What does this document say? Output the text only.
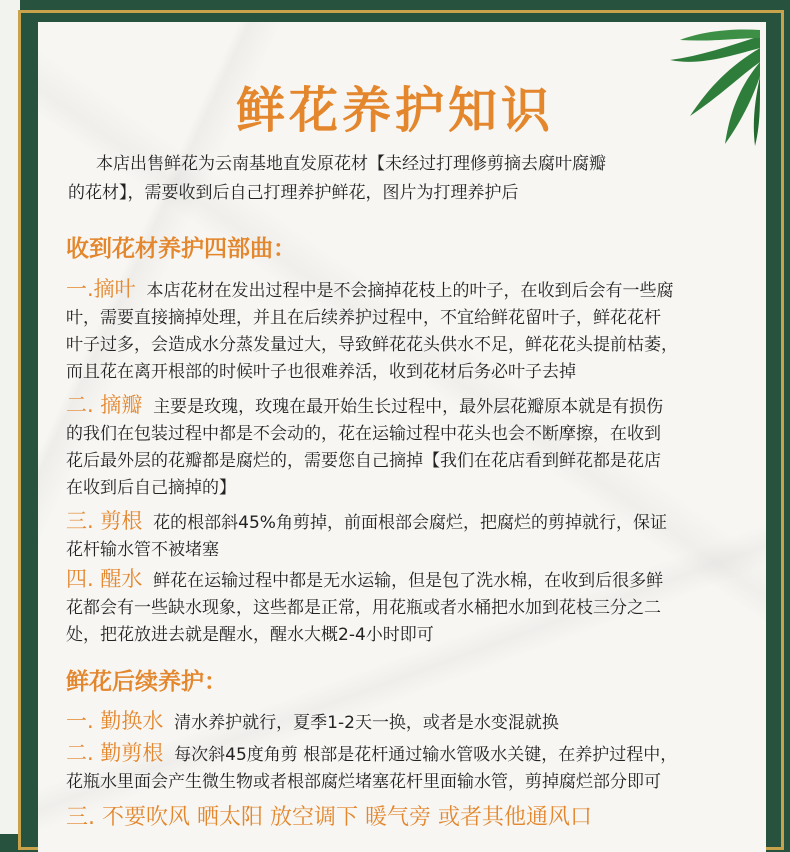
鲜花养护知识
本店出售鲜花为云南基地直发原花材【未经过打理修剪摘去腐叶腐瓣
的花材】，需要收到后自己打理养护鲜花，图片为打理养护后
收到花材养护四部曲：
一.摘叶 本店花材在发出过程中是不会摘掉花枝上的叶子，在收到后会有一些腐
叶，需要直接摘掉处理，并且在后续养护过程中，不宜给鲜花留叶子，鲜花花杆
叶子过多，会造成水分蒸发量过大，导致鲜花花头供水不足，鲜花花头提前枯萎，
而且花在离开根部的时候叶子也很难养活，收到花材后务必叶子去掉
二. 摘瓣 主要是玫瑰，玫瑰在最开始生长过程中，最外层花瓣原本就是有损伤
的我们在包装过程中都是不会动的，花在运输过程中花头也会不断摩擦，在收到
花后最外层的花瓣都是腐烂的，需要您自己摘掉【我们在花店看到鲜花都是花店
在收到后自己摘掉的】
三. 剪根 花的根部斜45%角剪掉，前面根部会腐烂，把腐烂的剪掉就行，保证
花杆输水管不被堵塞
四. 醒水 鲜花在运输过程中都是无水运输，但是包了洗水棉，在收到后很多鲜
花都会有一些缺水现象，这些都是正常，用花瓶或者水桶把水加到花枝三分之二
处，把花放进去就是醒水，醒水大概2-4小时即可
鲜花后续养护：
一. 勤换水 清水养护就行，夏季1-2天一换，或者是水变混就换
二. 勤剪根 每次斜45度角剪 根部是花杆通过输水管吸水关键，在养护过程中，
花瓶水里面会产生微生物或者根部腐烂堵塞花杆里面输水管，剪掉腐烂部分即可
三. 不要吹风 晒太阳 放空调下 暖气旁 或者其他通风口
